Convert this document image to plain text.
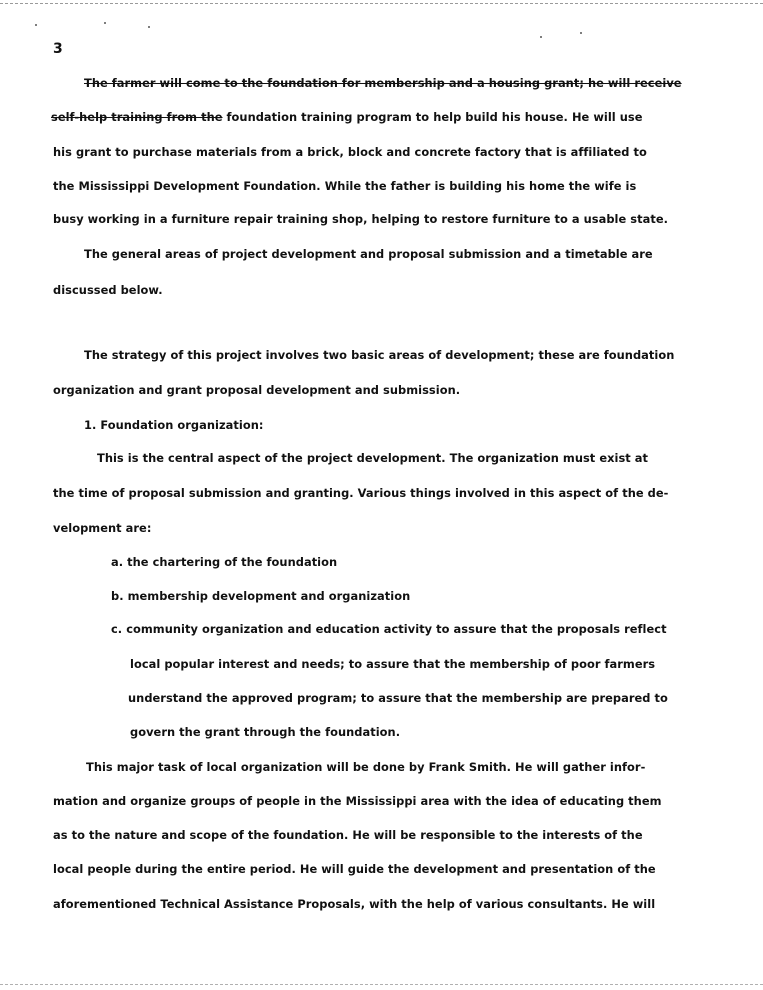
3
The farmer will come to the foundation for membership and a housing grant; he will receive
self-help training from the foundation training program to help build his house. He will use
his grant to purchase materials from a brick, block and concrete factory that is affiliated to
the Mississippi Development Foundation. While the father is building his home the wife is
busy working in a furniture repair training shop, helping to restore furniture to a usable state.
The general areas of project development and proposal submission and a timetable are
discussed below.
The strategy of this project involves two basic areas of development; these are foundation
organization and grant proposal development and submission.
1. Foundation organization:
This is the central aspect of the project development. The organization must exist at
the time of proposal submission and granting. Various things involved in this aspect of the de-
velopment are:
a. the chartering of the foundation
b. membership development and organization
c. community organization and education activity to assure that the proposals reflect
local popular interest and needs; to assure that the membership of poor farmers
understand the approved program; to assure that the membership are prepared to
govern the grant through the foundation.
This major task of local organization will be done by Frank Smith. He will gather infor-
mation and organize groups of people in the Mississippi area with the idea of educating them
as to the nature and scope of the foundation. He will be responsible to the interests of the
local people during the entire period. He will guide the development and presentation of the
aforementioned Technical Assistance Proposals, with the help of various consultants. He will
